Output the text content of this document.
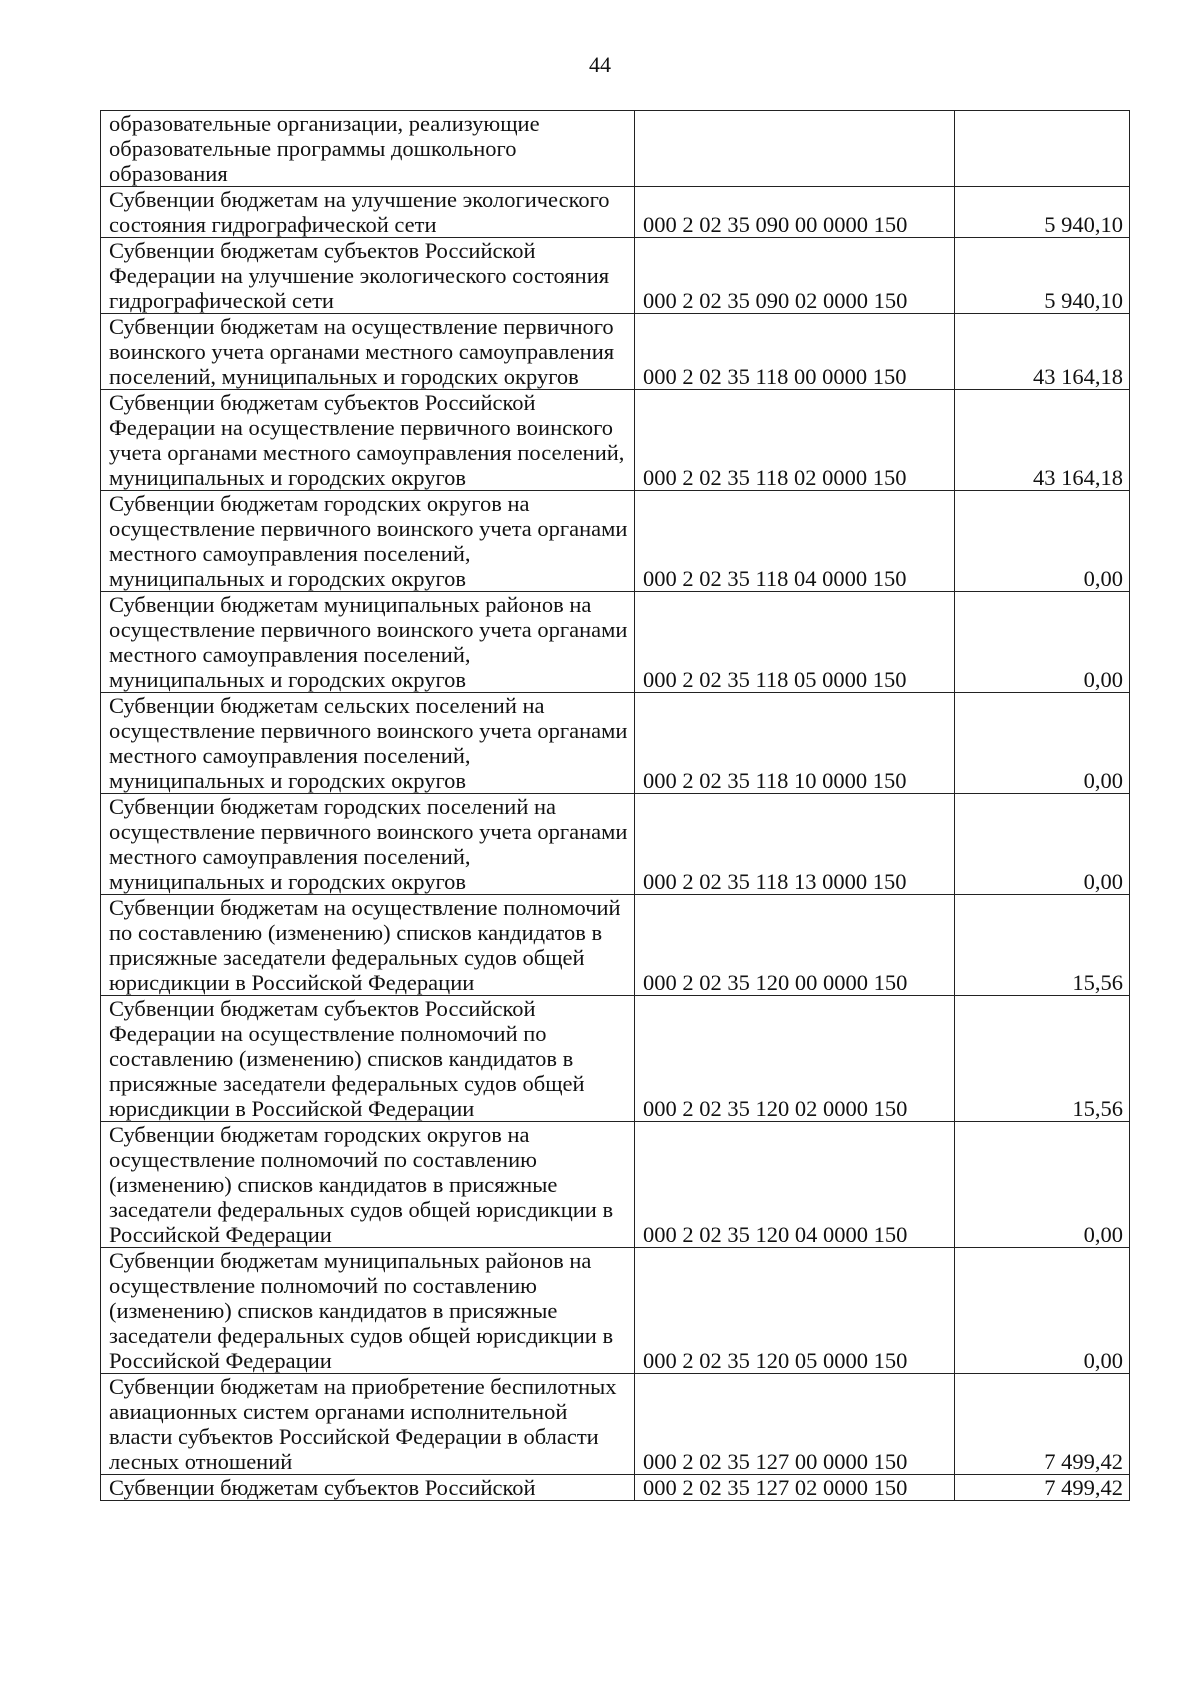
44
образовательные организации, реализующие образовательные программы дошкольного образования		
Субвенции бюджетам на улучшение экологического состояния гидрографической сети	000 2 02 35 090 00 0000 150	5 940,10
Субвенции бюджетам субъектов Российской Федерации на улучшение экологического состояния гидрографической сети	000 2 02 35 090 02 0000 150	5 940,10
Субвенции бюджетам на осуществление первичного воинского учета органами местного самоуправления поселений, муниципальных и городских округов	000 2 02 35 118 00 0000 150	43 164,18
Субвенции бюджетам субъектов Российской Федерации на осуществление первичного воинского учета органами местного самоуправления поселений, муниципальных и городских округов	000 2 02 35 118 02 0000 150	43 164,18
Субвенции бюджетам городских округов на осуществление первичного воинского учета органами местного самоуправления поселений, муниципальных и городских округов	000 2 02 35 118 04 0000 150	0,00
Субвенции бюджетам муниципальных районов на осуществление первичного воинского учета органами местного самоуправления поселений, муниципальных и городских округов	000 2 02 35 118 05 0000 150	0,00
Субвенции бюджетам сельских поселений на осуществление первичного воинского учета органами местного самоуправления поселений, муниципальных и городских округов	000 2 02 35 118 10 0000 150	0,00
Субвенции бюджетам городских поселений на осуществление первичного воинского учета органами местного самоуправления поселений, муниципальных и городских округов	000 2 02 35 118 13 0000 150	0,00
Субвенции бюджетам на осуществление полномочий по составлению (изменению) списков кандидатов в присяжные заседатели федеральных судов общей юрисдикции в Российской Федерации	000 2 02 35 120 00 0000 150	15,56
Субвенции бюджетам субъектов Российской Федерации на осуществление полномочий по составлению (изменению) списков кандидатов в присяжные заседатели федеральных судов общей юрисдикции в Российской Федерации	000 2 02 35 120 02 0000 150	15,56
Субвенции бюджетам городских округов на осуществление полномочий по составлению (изменению) списков кандидатов в присяжные заседатели федеральных судов общей юрисдикции в Российской Федерации	000 2 02 35 120 04 0000 150	0,00
Субвенции бюджетам муниципальных районов на осуществление полномочий по составлению (изменению) списков кандидатов в присяжные заседатели федеральных судов общей юрисдикции в Российской Федерации	000 2 02 35 120 05 0000 150	0,00
Субвенции бюджетам на приобретение беспилотных авиационных систем органами исполнительной власти субъектов Российской Федерации в области лесных отношений	000 2 02 35 127 00 0000 150	7 499,42
Субвенции бюджетам субъектов Российской	000 2 02 35 127 02 0000 150	7 499,42
